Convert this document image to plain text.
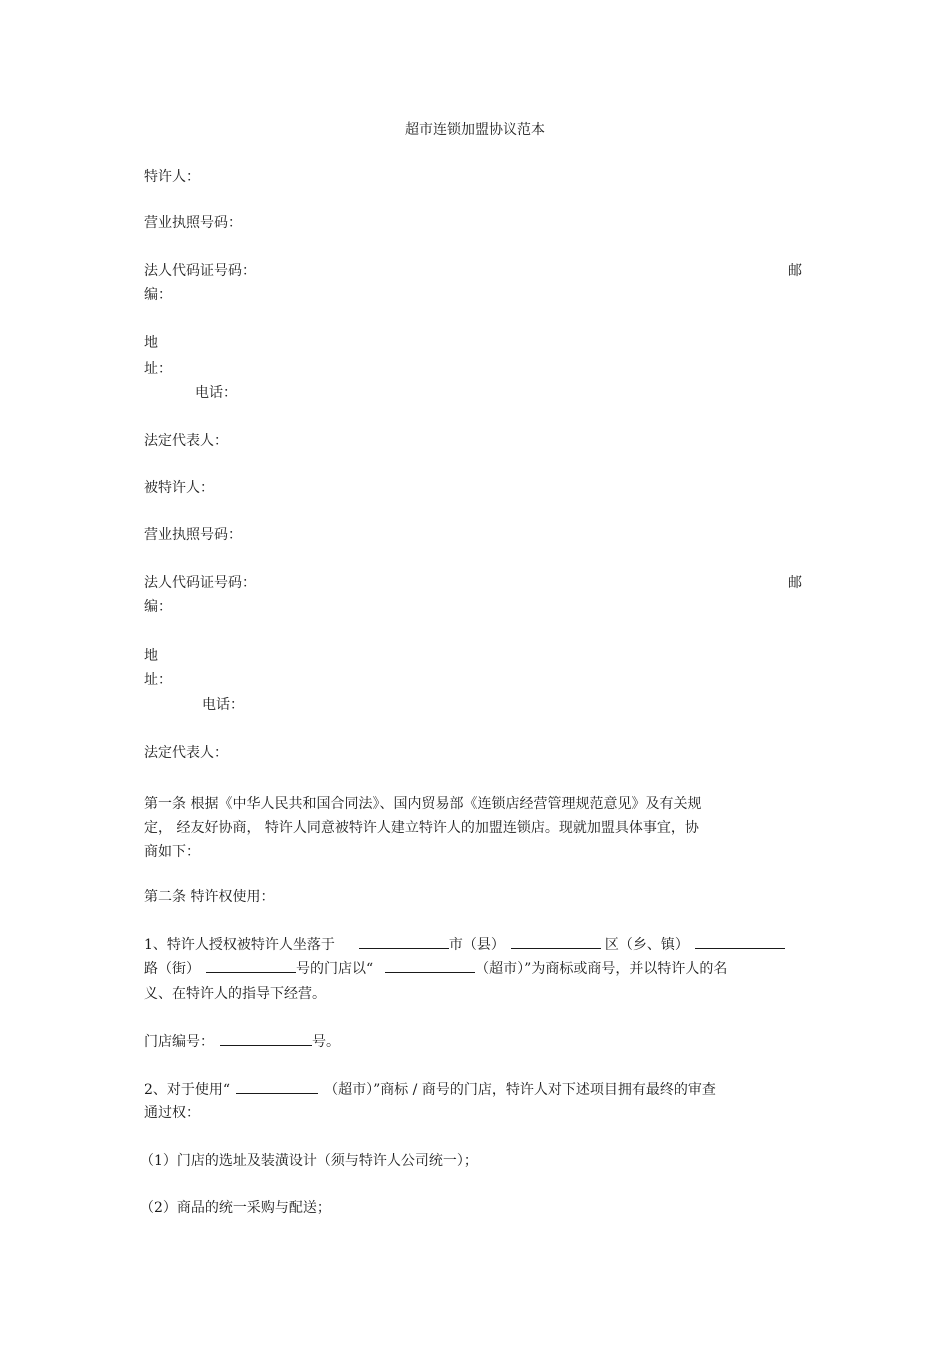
超市连锁加盟协议范本
特许人：
营业执照号码：
法人代码证号码：	邮
编：
地
址：
电话：
法定代表人：
被特许人：
营业执照号码：
法人代码证号码：	邮
编：
地
址：
电话：
法定代表人：
第一条 根据《中华人民共和国合同法》、国内贸易部《连锁店经营管理规范意见》及有关规
定， 经友好协商， 特许人同意被特许人建立特许人的加盟连锁店。现就加盟具体事宜，协
商如下：
第二条 特许权使用：
1、特许人授权被特许人坐落于	市（县）	区（乡、镇）
路（街）	号的门店以“	（超市）”为商标或商号，并以特许人的名
义、在特许人的指导下经营。
门店编号：	号。
2、对于使用“	（超市）”商标 / 商号的门店，特许人对下述项目拥有最终的审查
通过权：
（1）门店的选址及装潢设计（须与特许人公司统一）；
（2）商品的统一采购与配送；
